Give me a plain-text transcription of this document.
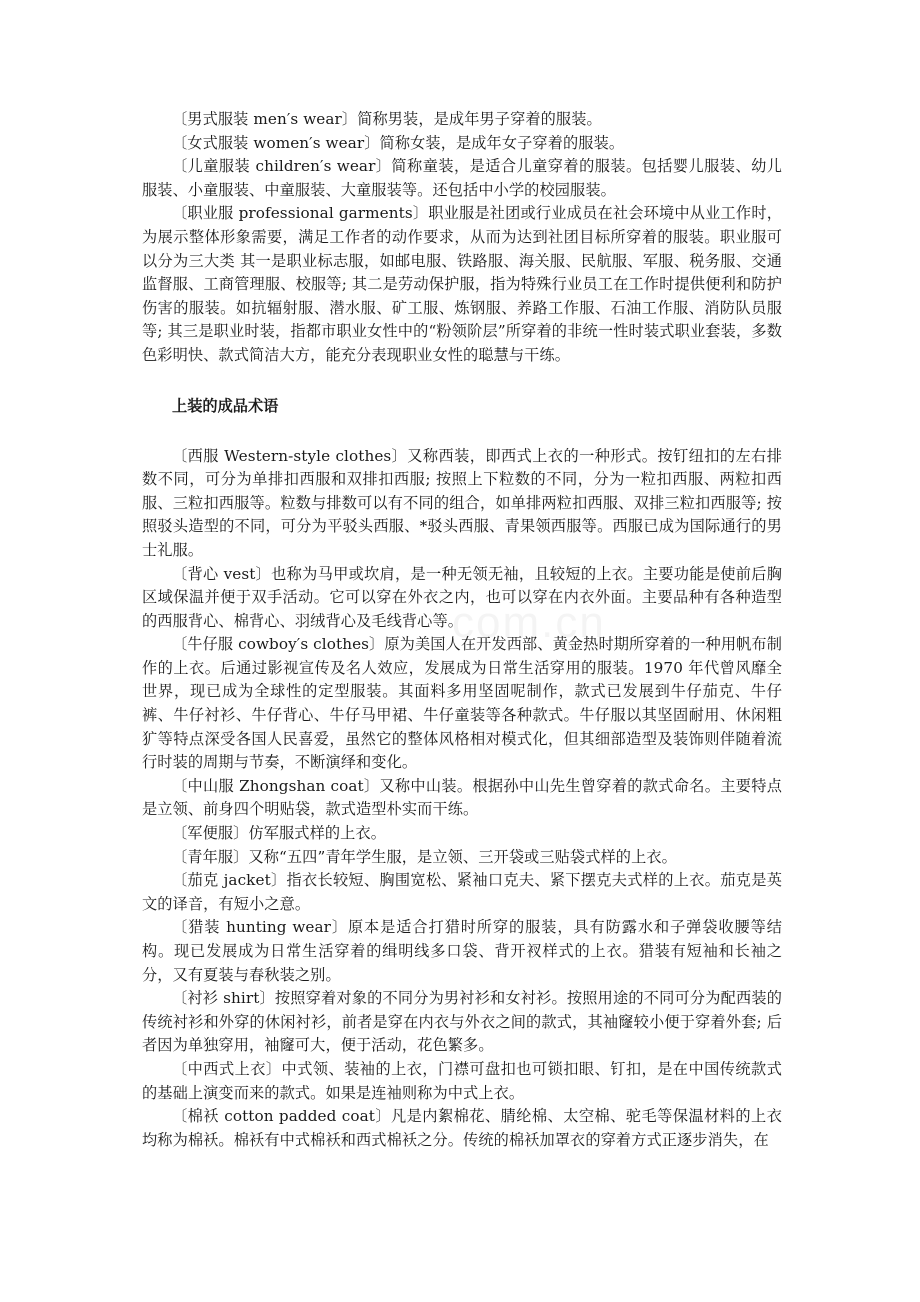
com.cn

〔男式服装 men′s wear〕简称男装，是成年男子穿着的服装。

〔女式服装 women′s wear〕简称女装，是成年女子穿着的服装。

〔儿童服装 children′s wear〕简称童装，是适合儿童穿着的服装。包括婴儿服装、幼儿服装、小童服装、中童服装、大童服装等。还包括中小学的校园服装。

〔职业服 professional garments〕职业服是社团或行业成员在社会环境中从业工作时，为展示整体形象需要，满足工作者的动作要求，从而为达到社团目标所穿着的服装。职业服可以分为三大类 其一是职业标志服，如邮电服、铁路服、海关服、民航服、军服、税务服、交通监督服、工商管理服、校服等; 其二是劳动保护服，指为特殊行业员工在工作时提供便利和防护伤害的服装。如抗辐射服、潜水服、矿工服、炼钢服、养路工作服、石油工作服、消防队员服等; 其三是职业时装，指都市职业女性中的“粉领阶层”所穿着的非统一性时装式职业套装，多数色彩明快、款式简洁大方，能充分表现职业女性的聪慧与干练。

上装的成品术语

〔西服 Western-style clothes〕又称西装，即西式上衣的一种形式。按钉纽扣的左右排数不同，可分为单排扣西服和双排扣西服; 按照上下粒数的不同，分为一粒扣西服、两粒扣西服、三粒扣西服等。粒数与排数可以有不同的组合，如单排两粒扣西服、双排三粒扣西服等; 按照驳头造型的不同，可分为平驳头西服、*驳头西服、青果领西服等。西服已成为国际通行的男士礼服。

〔背心 vest〕也称为马甲或坎肩，是一种无领无袖，且较短的上衣。主要功能是使前后胸区域保温并便于双手活动。它可以穿在外衣之内，也可以穿在内衣外面。主要品种有各种造型的西服背心、棉背心、羽绒背心及毛线背心等。

〔牛仔服 cowboy′s clothes〕原为美国人在开发西部、黄金热时期所穿着的一种用帆布制作的上衣。后通过影视宣传及名人效应，发展成为日常生活穿用的服装。1970 年代曾风靡全世界，现已成为全球性的定型服装。其面料多用坚固呢制作，款式已发展到牛仔茄克、牛仔裤、牛仔衬衫、牛仔背心、牛仔马甲裙、牛仔童装等各种款式。牛仔服以其坚固耐用、休闲粗犷等特点深受各国人民喜爱，虽然它的整体风格相对模式化，但其细部造型及装饰则伴随着流行时装的周期与节奏，不断演绎和变化。

〔中山服 Zhongshan coat〕又称中山装。根据孙中山先生曾穿着的款式命名。主要特点是立领、前身四个明贴袋，款式造型朴实而干练。

〔军便服〕仿军服式样的上衣。

〔青年服〕又称“五四”青年学生服，是立领、三开袋或三贴袋式样的上衣。

〔茄克 jacket〕指衣长较短、胸围宽松、紧袖口克夫、紧下摆克夫式样的上衣。茄克是英文的译音，有短小之意。

〔猎装 hunting wear〕原本是适合打猎时所穿的服装，具有防露水和子弹袋收腰等结构。现已发展成为日常生活穿着的缉明线多口袋、背开衩样式的上衣。猎装有短袖和长袖之分，又有夏装与春秋装之别。

〔衬衫 shirt〕按照穿着对象的不同分为男衬衫和女衬衫。按照用途的不同可分为配西装的传统衬衫和外穿的休闲衬衫，前者是穿在内衣与外衣之间的款式，其袖窿较小便于穿着外套; 后者因为单独穿用，袖窿可大，便于活动，花色繁多。

〔中西式上衣〕中式领、装袖的上衣，门襟可盘扣也可锁扣眼、钉扣，是在中国传统款式的基础上演变而来的款式。如果是连袖则称为中式上衣。

〔棉袄 cotton padded coat〕凡是内絮棉花、腈纶棉、太空棉、驼毛等保温材料的上衣均称为棉袄。棉袄有中式棉袄和西式棉袄之分。传统的棉袄加罩衣的穿着方式正逐步消失，在
